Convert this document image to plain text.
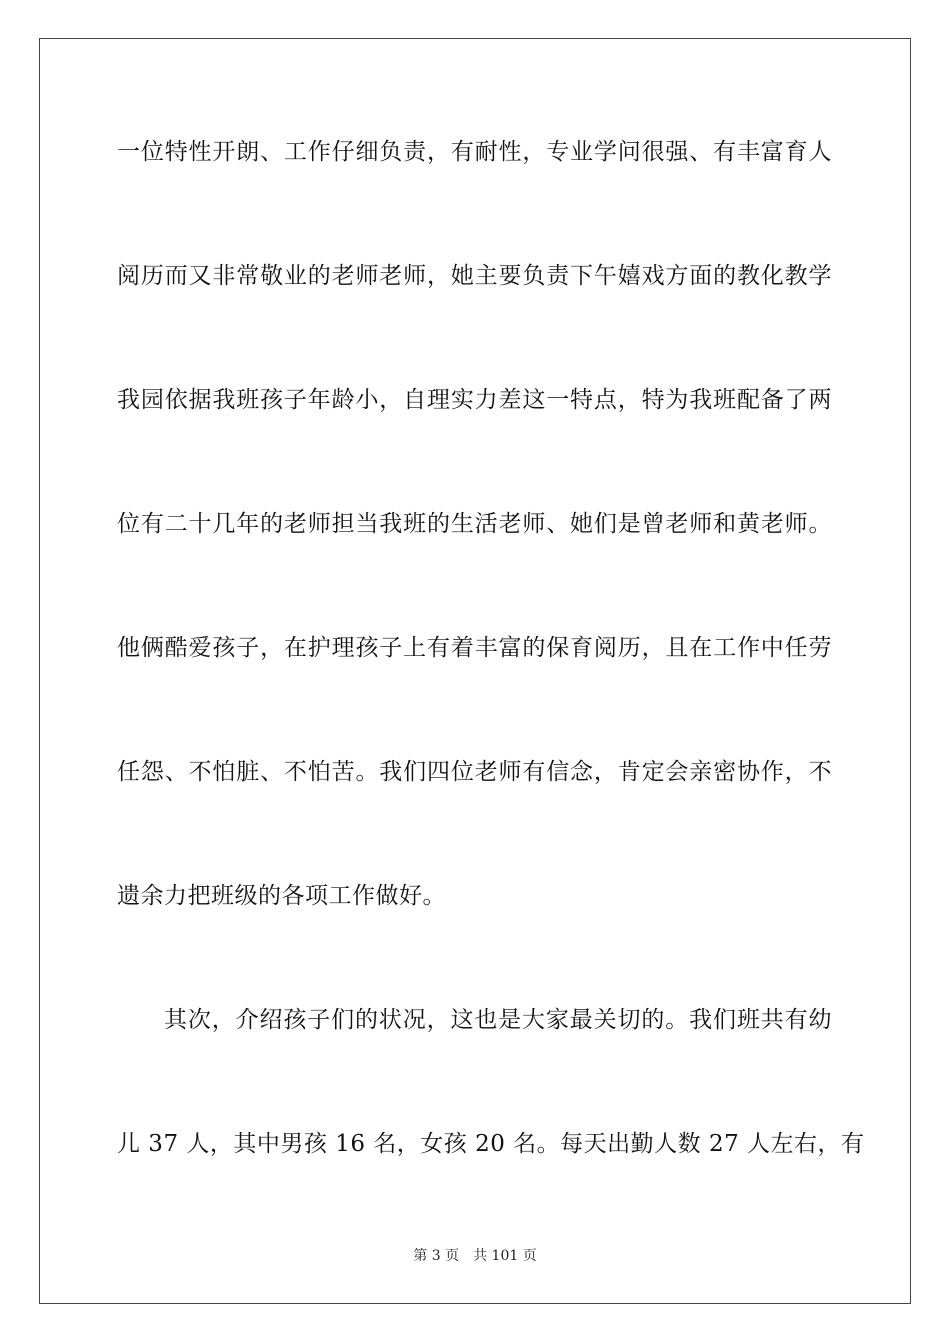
一位特性开朗、工作仔细负责，有耐性，专业学问很强、有丰富育人
阅历而又非常敬业的老师老师，她主要负责下午嬉戏方面的教化教学
我园依据我班孩子年龄小，自理实力差这一特点，特为我班配备了两
位有二十几年的老师担当我班的生活老师、她们是曾老师和黄老师。
他俩酷爱孩子，在护理孩子上有着丰富的保育阅历，且在工作中任劳
任怨、不怕脏、不怕苦。我们四位老师有信念，肯定会亲密协作，不
遗余力把班级的各项工作做好。
其次，介绍孩子们的状况，这也是大家最关切的。我们班共有幼
儿 37 人，其中男孩 16 名，女孩 20 名。每天出勤人数 27 人左右，有
第 3 页 共 101 页
